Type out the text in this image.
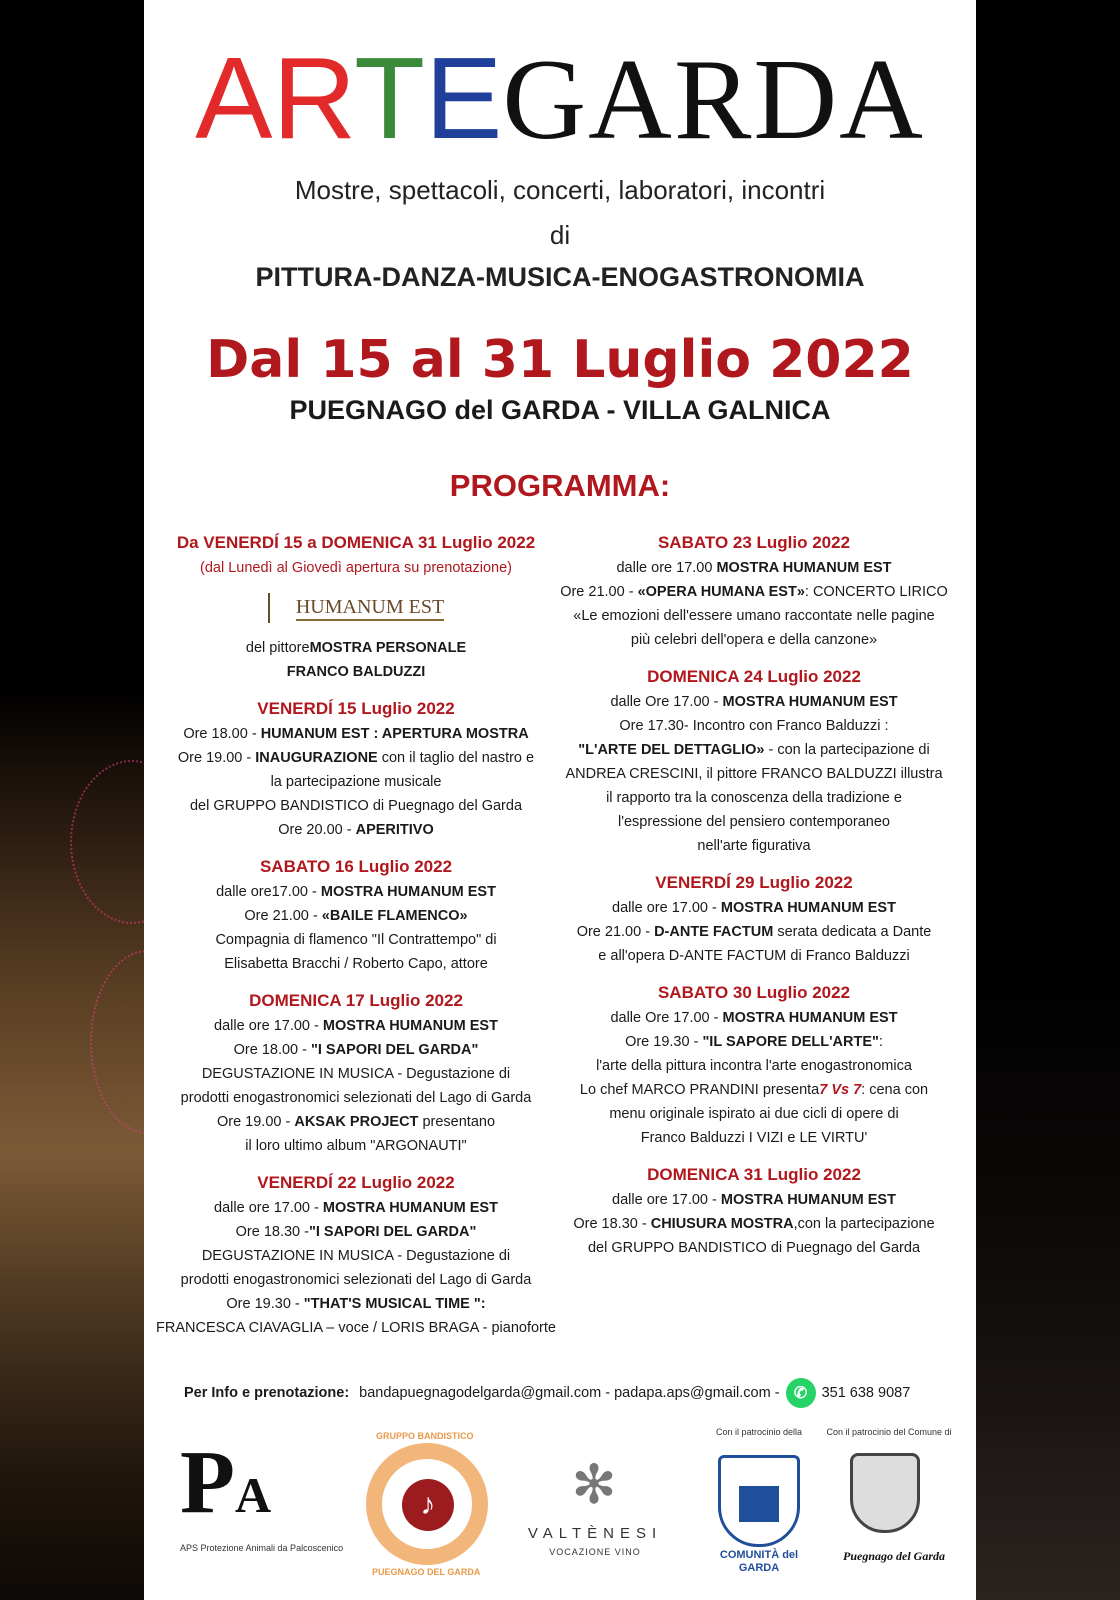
ARTEGARDA
Mostre, spettacoli, concerti, laboratori, incontri
di
PITTURA-DANZA-MUSICA-ENOGASTRONOMIA
Dal 15 al 31 Luglio 2022
PUEGNAGO del GARDA - VILLA GALNICA
PROGRAMMA:
Da VENERDÍ 15 a DOMENICA 31 Luglio 2022
(dal Lunedì al Giovedì apertura su prenotazione)
HUMANUM EST
del pittoreMOSTRA PERSONALE
FRANCO BALDUZZI
VENERDÍ 15 Luglio 2022
Ore 18.00 - HUMANUM EST : APERTURA MOSTRA
Ore 19.00 - INAUGURAZIONE con il taglio del nastro e
la partecipazione musicale
del GRUPPO BANDISTICO di Puegnago del Garda
Ore 20.00 - APERITIVO
SABATO 16 Luglio 2022
dalle ore17.00 - MOSTRA HUMANUM EST
Ore 21.00 - «BAILE FLAMENCO»
Compagnia di flamenco "Il Contrattempo" di
Elisabetta Bracchi / Roberto Capo, attore
DOMENICA 17 Luglio 2022
dalle ore 17.00 - MOSTRA HUMANUM EST
Ore 18.00 - "I SAPORI DEL GARDA"
DEGUSTAZIONE IN MUSICA - Degustazione di
prodotti enogastronomici selezionati del Lago di Garda
Ore 19.00 - AKSAK PROJECT presentano
il loro ultimo album "ARGONAUTI"
VENERDÍ 22 Luglio 2022
dalle ore 17.00 - MOSTRA HUMANUM EST
Ore 18.30 -"I SAPORI DEL GARDA"
DEGUSTAZIONE IN MUSICA - Degustazione di
prodotti enogastronomici selezionati del Lago di Garda
Ore 19.30 - "THAT'S MUSICAL TIME ":
FRANCESCA CIAVAGLIA – voce / LORIS BRAGA - pianoforte
SABATO 23 Luglio 2022
dalle ore 17.00 MOSTRA HUMANUM EST
Ore 21.00 - «OPERA HUMANA EST»: CONCERTO LIRICO
«Le emozioni dell'essere umano raccontate nelle pagine
più celebri dell'opera e della canzone»
DOMENICA 24 Luglio 2022
dalle Ore 17.00 - MOSTRA HUMANUM EST
Ore 17.30- Incontro con Franco Balduzzi :
"L'ARTE DEL DETTAGLIO» - con la partecipazione di
ANDREA CRESCINI, il pittore FRANCO BALDUZZI illustra
il rapporto tra la conoscenza della tradizione e
l'espressione del pensiero contemporaneo
nell'arte figurativa
VENERDÍ 29 Luglio 2022
dalle ore 17.00 - MOSTRA HUMANUM EST
Ore 21.00 - D-ANTE FACTUM serata dedicata a Dante
e all'opera D-ANTE FACTUM di Franco Balduzzi
SABATO 30 Luglio 2022
dalle Ore 17.00 - MOSTRA HUMANUM EST
Ore 19.30 - "IL SAPORE DELL'ARTE":
l'arte della pittura incontra l'arte enogastronomica
Lo chef MARCO PRANDINI presenta7 Vs 7: cena con
menu originale ispirato ai due cicli di opere di
Franco Balduzzi I VIZI e LE VIRTU'
DOMENICA 31 Luglio 2022
dalle ore 17.00 - MOSTRA HUMANUM EST
Ore 18.30 - CHIUSURA MOSTRA,con la partecipazione
del GRUPPO BANDISTICO di Puegnago del Garda
Per Info e prenotazione: bandapuegnagodelgarda@gmail.com - padapa.aps@gmail.com - ✆ 351 638 9087
PA
APS Protezione Animali da Palcoscenico
♪
GRUPPO BANDISTICO
PUEGNAGO DEL GARDA
✻
VALTÈNESI
VOCAZIONE VINO
Con il patrocinio della
COMUNITÀ del GARDA
Con il patrocinio del Comune di
Puegnago del Garda
